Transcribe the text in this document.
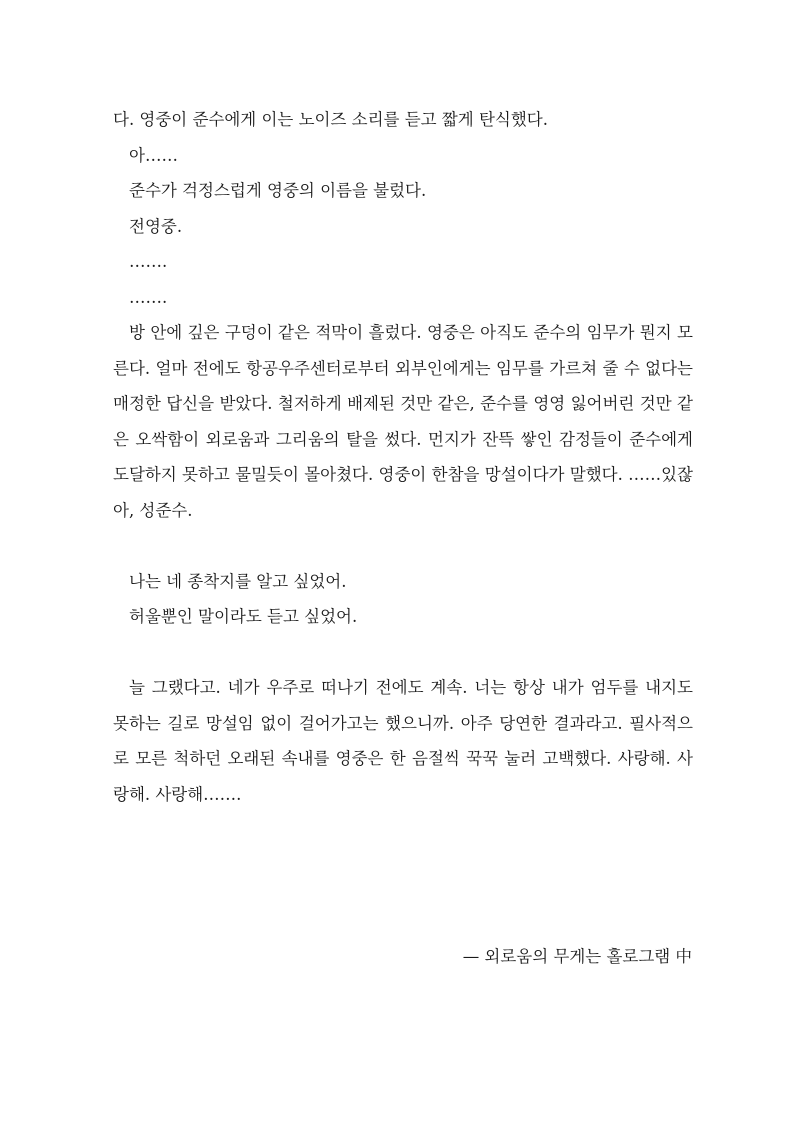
다. 영중이 준수에게 이는 노이즈 소리를 듣고 짧게 탄식했다.

아……

준수가 걱정스럽게 영중의 이름을 불렀다.

전영중.

…….

…….

방 안에 깊은 구덩이 같은 적막이 흘렀다. 영중은 아직도 준수의 임무가 뭔지 모른다. 얼마 전에도 항공우주센터로부터 외부인에게는 임무를 가르쳐 줄 수 없다는 매정한 답신을 받았다. 철저하게 배제된 것만 같은, 준수를 영영 잃어버린 것만 같은 오싹함이 외로움과 그리움의 탈을 썼다. 먼지가 잔뜩 쌓인 감정들이 준수에게 도달하지 못하고 물밀듯이 몰아쳤다. 영중이 한참을 망설이다가 말했다. ……있잖아, 성준수.

나는 네 종착지를 알고 싶었어.

허울뿐인 말이라도 듣고 싶었어.

늘 그랬다고. 네가 우주로 떠나기 전에도 계속. 너는 항상 내가 엄두를 내지도 못하는 길로 망설임 없이 걸어가고는 했으니까. 아주 당연한 결과라고. 필사적으로 모른 척하던 오래된 속내를 영중은 한 음절씩 꾹꾹 눌러 고백했다. 사랑해. 사랑해. 사랑해…….

— 외로움의 무게는 홀로그램 中
